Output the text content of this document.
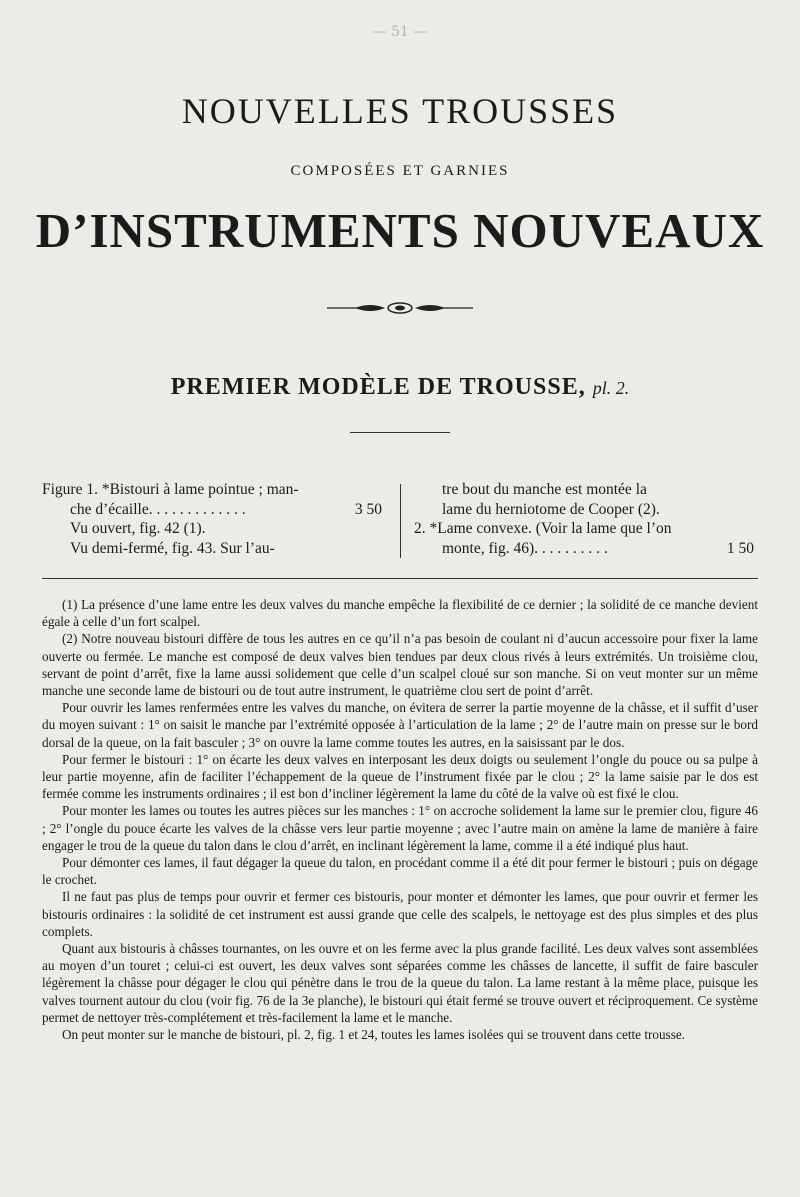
— 51 —
NOUVELLES TROUSSES
COMPOSÉES ET GARNIES
D’INSTRUMENTS NOUVEAUX
PREMIER MODÈLE DE TROUSSE, pl. 2.
Figure 1. *Bistouri à lame pointue ; man-
che d’écaille. . . . . . . . . . . . .	3 50
Vu ouvert, fig. 42 (1).
Vu demi-fermé, fig. 43. Sur l’au-
tre bout du manche est montée la
lame du herniotome de Cooper (2).
2. *Lame convexe. (Voir la lame que l’on
monte, fig. 46). . . . . . . . . .	1 50

(1) La présence d’une lame entre les deux valves du manche empêche la flexibilité de ce dernier ; la solidité de ce manche devient égale à celle d’un fort scalpel.

(2) Notre nouveau bistouri diffère de tous les autres en ce qu’il n’a pas besoin de coulant ni d’aucun accessoire pour fixer la lame ouverte ou fermée. Le manche est composé de deux valves bien tendues par deux clous rivés à leurs extrémités. Un troisième clou, servant de point d’arrêt, fixe la lame aussi solidement que celle d’un scalpel cloué sur son manche. Si on veut monter sur un même manche une seconde lame de bistouri ou de tout autre instrument, le quatrième clou sert de point d’arrêt.

Pour ouvrir les lames renfermées entre les valves du manche, on évitera de serrer la partie moyenne de la châsse, et il suffit d’user du moyen suivant : 1° on saisit le manche par l’extrémité opposée à l’articulation de la lame ; 2° de l’autre main on presse sur le bord dorsal de la queue, on la fait basculer ; 3° on ouvre la lame comme toutes les autres, en la saisissant par le dos.

Pour fermer le bistouri : 1° on écarte les deux valves en interposant les deux doigts ou seulement l’ongle du pouce ou sa pulpe à leur partie moyenne, afin de faciliter l’échappement de la queue de l’instrument fixée par le clou ; 2° la lame saisie par le dos est fermée comme les instruments ordinaires ; il est bon d’incliner légèrement la lame du côté de la valve où est fixé le clou.

Pour monter les lames ou toutes les autres pièces sur les manches : 1° on accroche solidement la lame sur le premier clou, figure 46 ; 2° l’ongle du pouce écarte les valves de la châsse vers leur partie moyenne ; avec l’autre main on amène la lame de manière à faire engager le trou de la queue du talon dans le clou d’arrêt, en inclinant légèrement la lame, comme il a été indiqué plus haut.

Pour démonter ces lames, il faut dégager la queue du talon, en procédant comme il a été dit pour fermer le bistouri ; puis on dégage le crochet.

Il ne faut pas plus de temps pour ouvrir et fermer ces bistouris, pour monter et démonter les lames, que pour ouvrir et fermer les bistouris ordinaires : la solidité de cet instrument est aussi grande que celle des scalpels, le nettoyage est des plus simples et des plus complets.

Quant aux bistouris à châsses tournantes, on les ouvre et on les ferme avec la plus grande facilité. Les deux valves sont assemblées au moyen d’un touret ; celui-ci est ouvert, les deux valves sont séparées comme les châsses de lancette, il suffit de faire basculer légèrement la châsse pour dégager le clou qui pénètre dans le trou de la queue du talon. La lame restant à la même place, puisque les valves tournent autour du clou (voir fig. 76 de la 3e planche), le bistouri qui était fermé se trouve ouvert et réciproquement. Ce système permet de nettoyer très-complétement et très-facilement la lame et le manche.

On peut monter sur le manche de bistouri, pl. 2, fig. 1 et 24, toutes les lames isolées qui se trouvent dans cette trousse.
